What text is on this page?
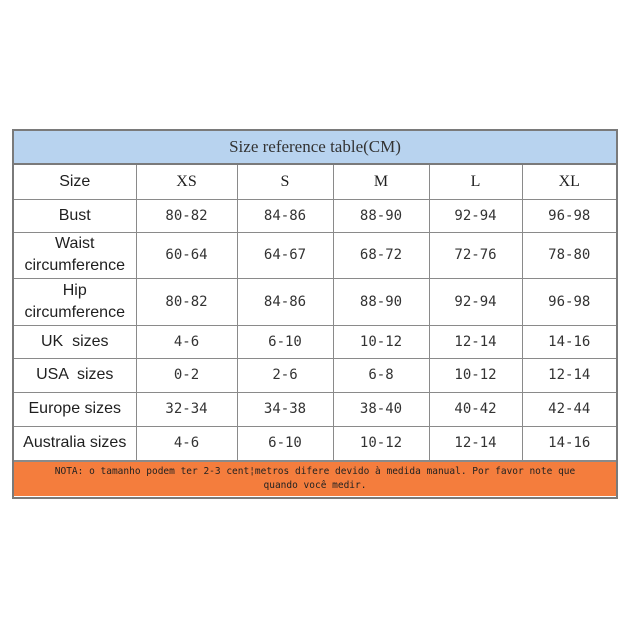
Size reference table(CM)
Size	XS	S	M	L	XL

Bust	80-82	84-86	88-90	92-94	96-98

Waist
circumference	60-64	64-67	68-72	72-76	78-80

Hip
circumference	80-82	84-86	88-90	92-94	96-98

UK  sizes	4-6	6-10	10-12	12-14	14-16

USA  sizes	0-2	2-6	6-8	10-12	12-14

Europe sizes	32-34	34-38	38-40	40-42	42-44

Australia sizes	4-6	6-10	10-12	12-14	14-16
NOTA: o tamanho podem ter 2-3 cent¦metros difere devido à medida manual. Por favor note que
quando você medir.
